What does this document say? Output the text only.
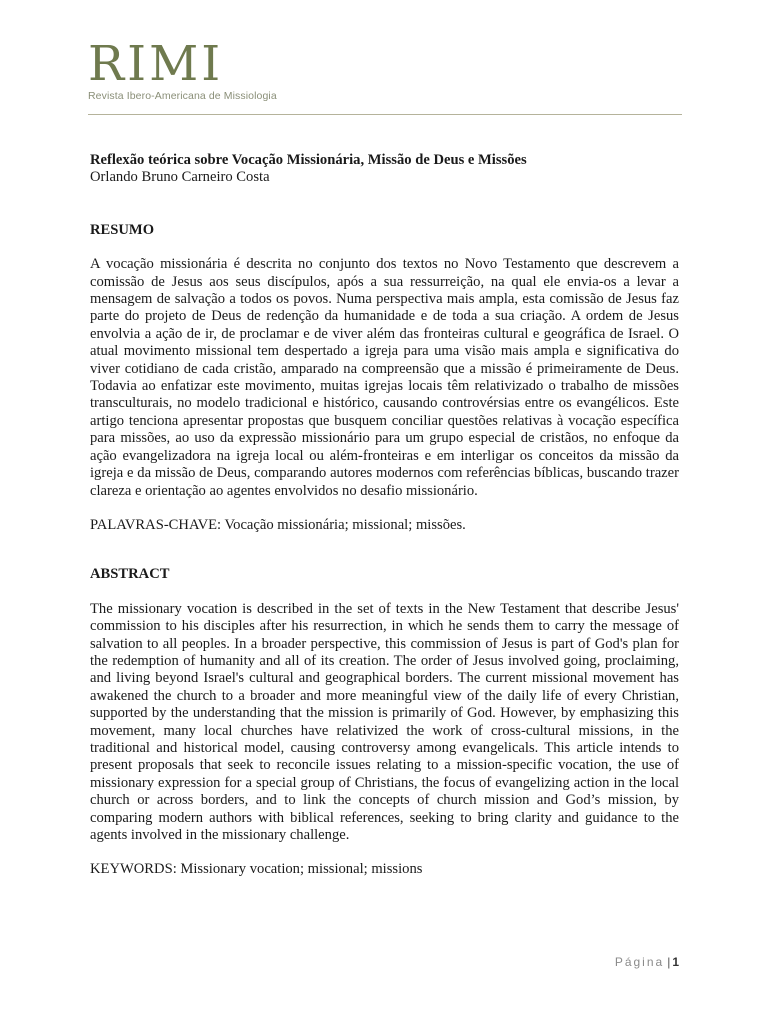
RIMI
Revista Ibero-Americana de Missiologia

Reflexão teórica sobre Vocação Missionária, Missão de Deus e Missões

Orlando Bruno Carneiro Costa

RESUMO

A vocação missionária é descrita no conjunto dos textos no Novo Testamento que descrevem a comissão de Jesus aos seus discípulos, após a sua ressurreição, na qual ele envia-os a levar a mensagem de salvação a todos os povos. Numa perspectiva mais ampla, esta comissão de Jesus faz parte do projeto de Deus de redenção da humanidade e de toda a sua criação. A ordem de Jesus envolvia a ação de ir, de proclamar e de viver além das fronteiras cultural e geográfica de Israel. O atual movimento missional tem despertado a igreja para uma visão mais ampla e significativa do viver cotidiano de cada cristão, amparado na compreensão que a missão é primeiramente de Deus. Todavia ao enfatizar este movimento, muitas igrejas locais têm relativizado o trabalho de missões transculturais, no modelo tradicional e histórico, causando controvérsias entre os evangélicos. Este artigo tenciona apresentar propostas que busquem conciliar questões relativas à vocação específica para missões, ao uso da expressão missionário para um grupo especial de cristãos, no enfoque da ação evangelizadora na igreja local ou além-fronteiras e em interligar os conceitos da missão da igreja e da missão de Deus, comparando autores modernos com referências bíblicas, buscando trazer clareza e orientação ao agentes envolvidos no desafio missionário.

PALAVRAS-CHAVE: Vocação missionária; missional; missões.

ABSTRACT

The missionary vocation is described in the set of texts in the New Testament that describe Jesus' commission to his disciples after his resurrection, in which he sends them to carry the message of salvation to all peoples. In a broader perspective, this commission of Jesus is part of God's plan for the redemption of humanity and all of its creation. The order of Jesus involved going, proclaiming, and living beyond Israel's cultural and geographical borders. The current missional movement has awakened the church to a broader and more meaningful view of the daily life of every Christian, supported by the understanding that the mission is primarily of God. However, by emphasizing this movement, many local churches have relativized the work of cross-cultural missions, in the traditional and historical model, causing controversy among evangelicals. This article intends to present proposals that seek to reconcile issues relating to a mission-specific vocation, the use of missionary expression for a special group of Christians, the focus of evangelizing action in the local church or across borders, and to link the concepts of church mission and God’s mission, by comparing modern authors with biblical references, seeking to bring clarity and guidance to the agents involved in the missionary challenge.

KEYWORDS: Missionary vocation; missional; missions

Página | 1
